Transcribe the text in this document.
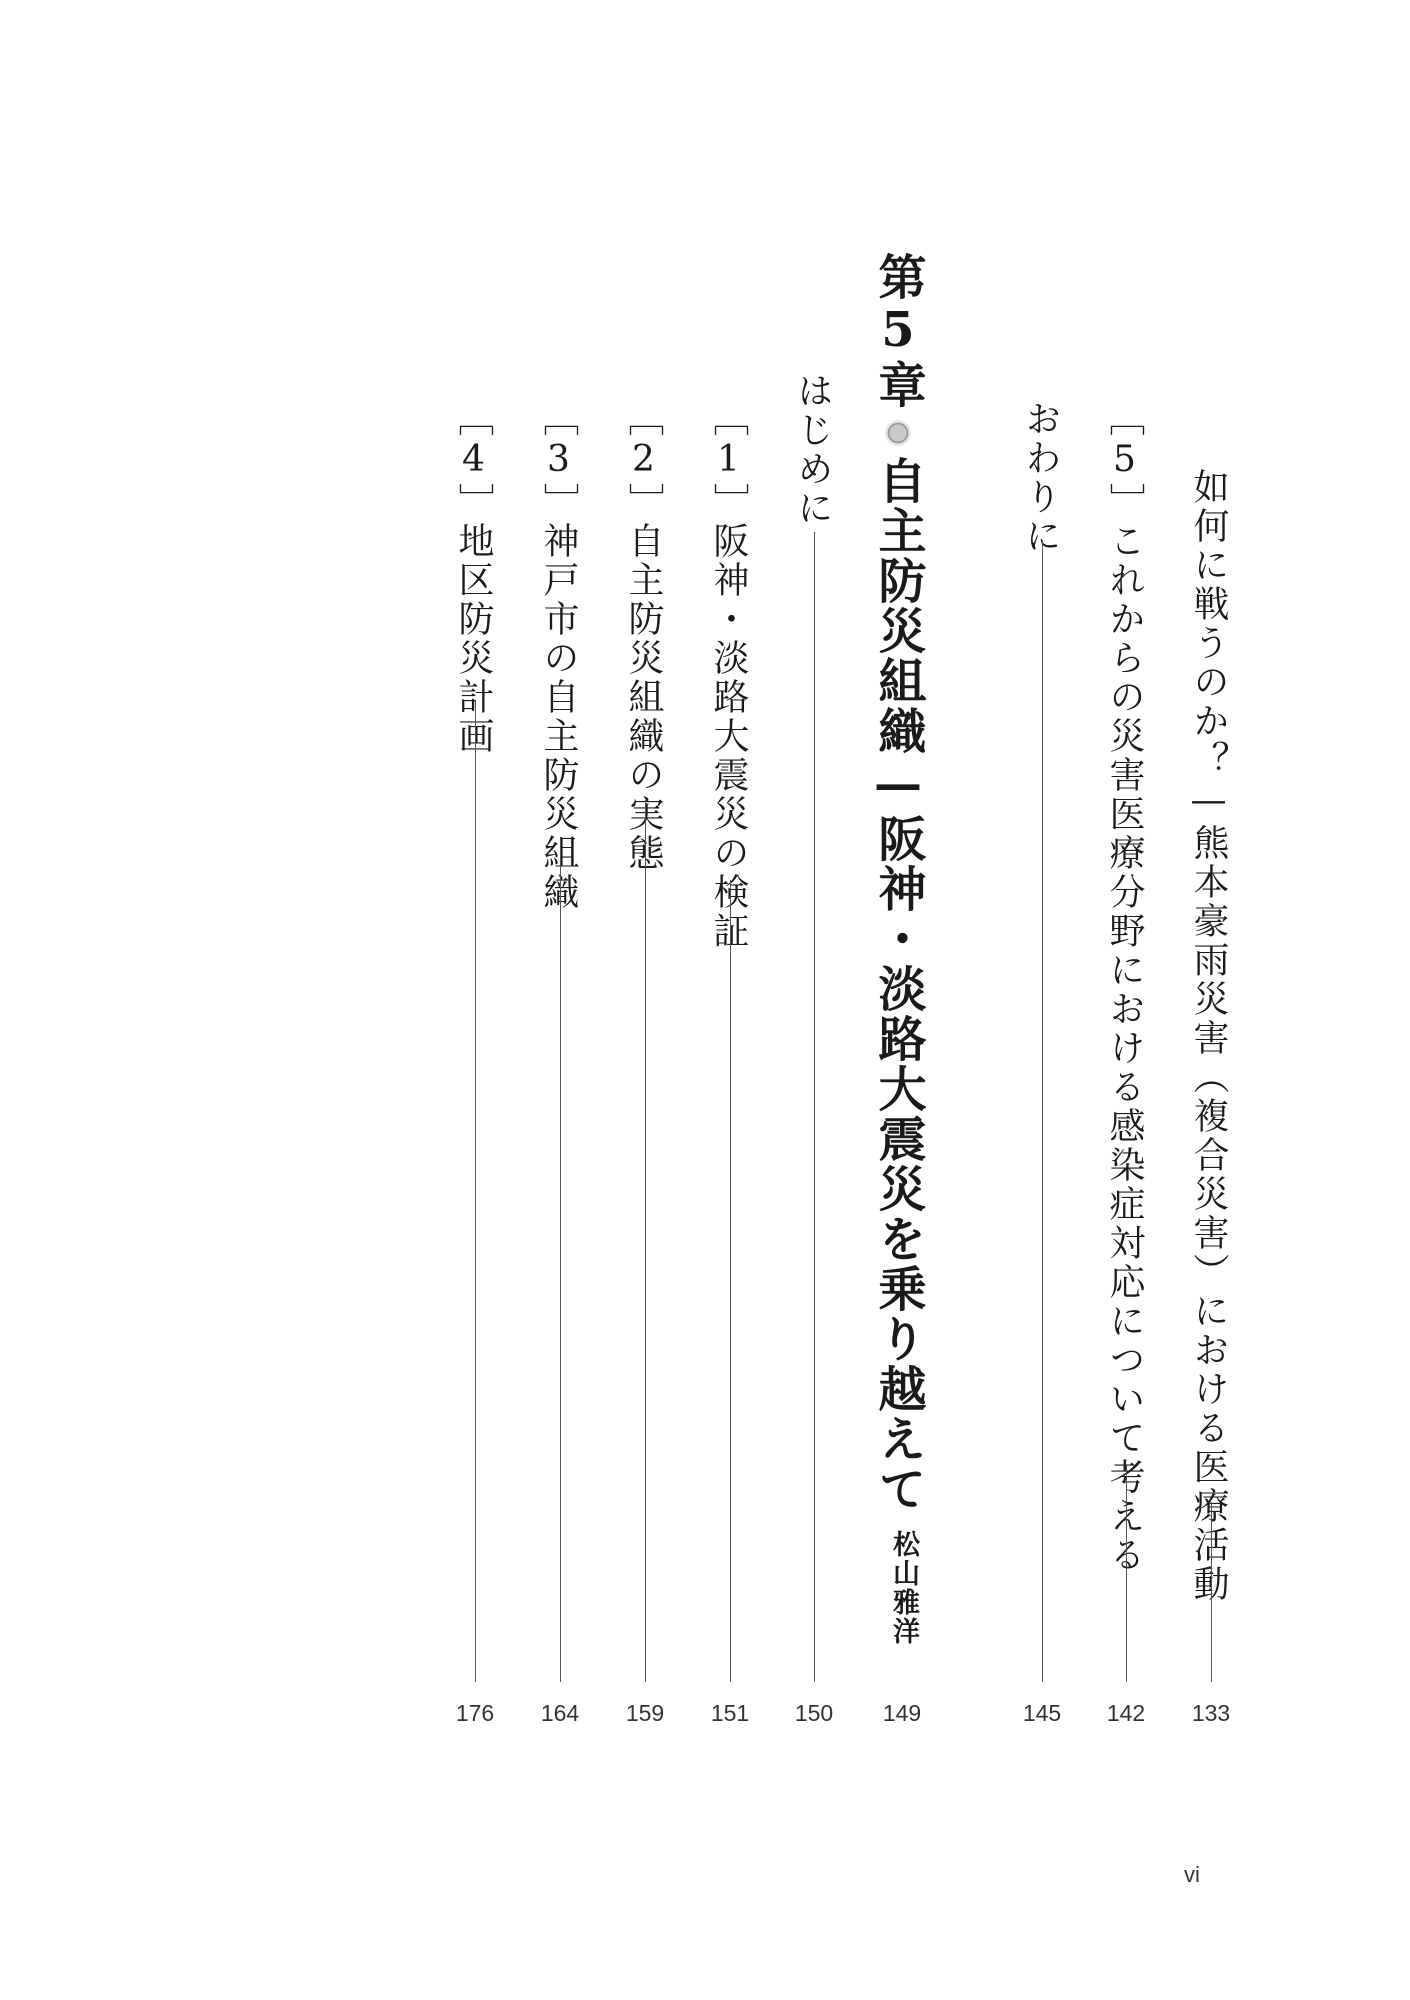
如何に戦うのか？—熊本豪雨災害（複合災害）における医療活動
133
［5］これからの災害医療分野における感染症対応について考える
142
おわりに
145
第5章自主防災組織—阪神・淡路大震災を乗り越えて
松山雅洋
149
はじめに
150
［1］阪神・淡路大震災の検証
151
［2］自主防災組織の実態
159
［3］神戸市の自主防災組織
164
［4］地区防災計画
176
vi
